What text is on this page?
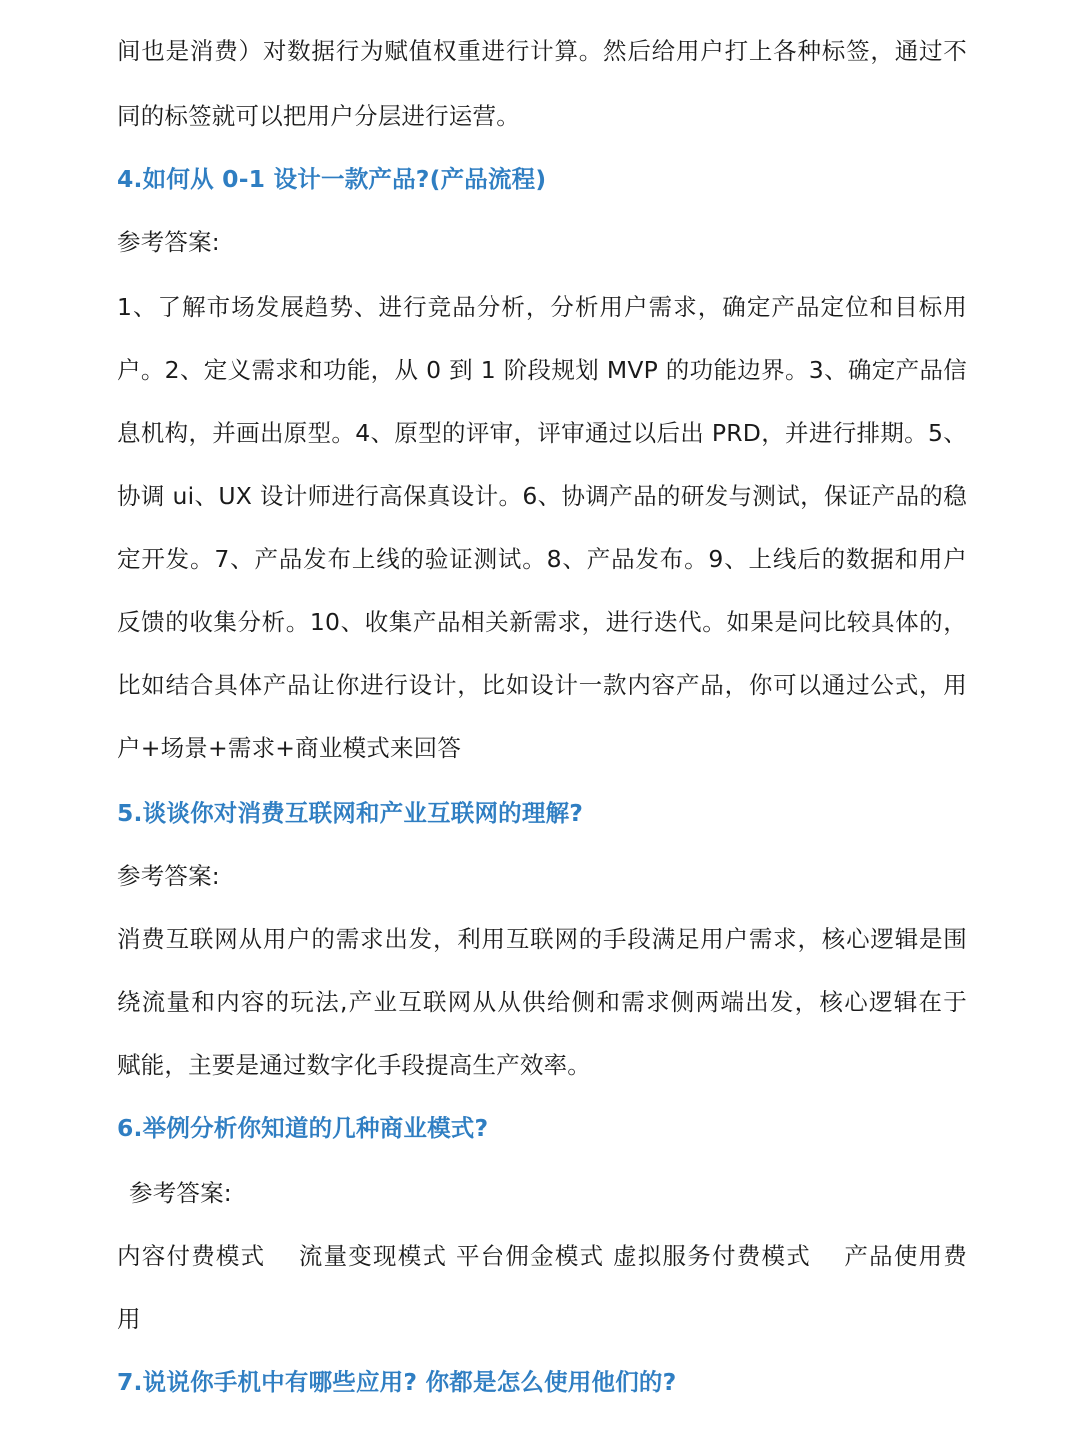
间也是消费）对数据行为赋值权重进行计算。然后给用户打上各种标签，通过不
同的标签就可以把用户分层进行运营。
4.如何从 0-1 设计一款产品?(产品流程)
参考答案:
1、了解市场发展趋势、进行竞品分析，分析用户需求，确定产品定位和目标用
户。2、定义需求和功能，从 0 到 1 阶段规划 MVP 的功能边界。3、确定产品信
息机构，并画出原型。4、原型的评审，评审通过以后出 PRD，并进行排期。5、
协调 ui、UX 设计师进行高保真设计。6、协调产品的研发与测试，保证产品的稳
定开发。7、产品发布上线的验证测试。8、产品发布。9、上线后的数据和用户
反馈的收集分析。10、收集产品相关新需求，进行迭代。如果是问比较具体的，
比如结合具体产品让你进行设计，比如设计一款内容产品，你可以通过公式，用
户+场景+需求+商业模式来回答
5.谈谈你对消费互联网和产业互联网的理解?
参考答案:
消费互联网从用户的需求出发，利用互联网的手段满足用户需求，核心逻辑是围
绕流量和内容的玩法,产业互联网从从供给侧和需求侧两端出发，核心逻辑在于
赋能，主要是通过数字化手段提高生产效率。
6.举例分析你知道的几种商业模式?
参考答案:
内容付费模式　 流量变现模式 平台佣金模式 虚拟服务付费模式　 产品使用费
用
7.说说你手机中有哪些应用? 你都是怎么使用他们的?
